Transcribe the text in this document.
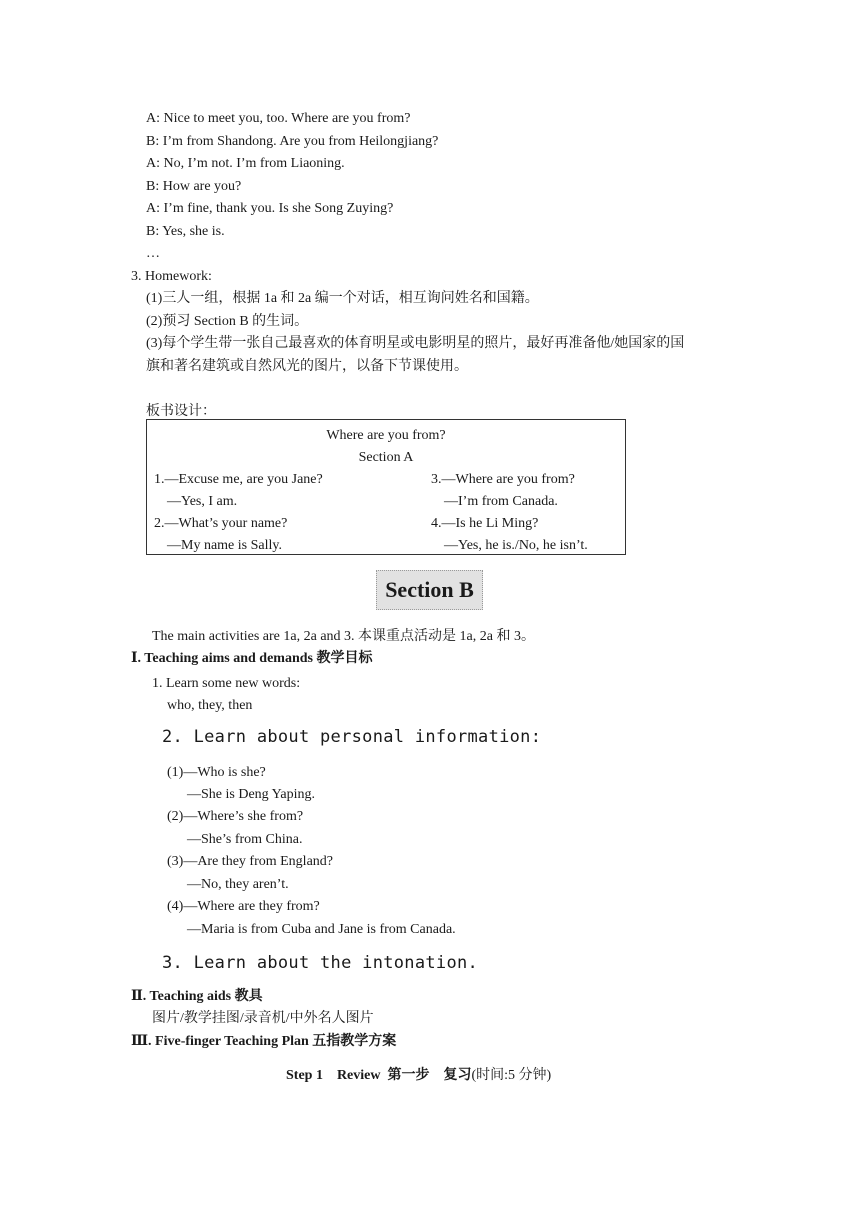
A: Nice to meet you, too. Where are you from?
B: I’m from Shandong. Are you from Heilongjiang?
A: No, I’m not. I’m from Liaoning.
B: How are you?
A: I’m fine, thank you. Is she Song Zuying?
B: Yes, she is.
…
3. Homework:
(1)三人一组，根据 1a 和 2a 编一个对话，相互询问姓名和国籍。
(2)预习 Section B 的生词。
(3)每个学生带一张自己最喜欢的体育明星或电影明星的照片，最好再准备他/她国家的国
旗和著名建筑或自然风光的图片，以备下节课使用。
板书设计：
Where are you from?
Section A
1.—Excuse me, are you Jane?
—Yes, I am.
2.—What’s your name?
—My name is Sally.
3.—Where are you from?
—I’m from Canada.
4.—Is he Li Ming?
—Yes, he is./No, he isn’t.
Section B
The main activities are 1a, 2a and 3. 本课重点活动是 1a, 2a 和 3。
Ⅰ. Teaching aims and demands 教学目标
1. Learn some new words:
who, they, then
2. Learn about personal information:
(1)—Who is she?
—She is Deng Yaping.
(2)—Where’s she from?
—She’s from China.
(3)—Are they from England?
—No, they aren’t.
(4)—Where are they from?
—Maria is from Cuba and Jane is from Canada.
3. Learn about the intonation.
Ⅱ. Teaching aids 教具
图片/教学挂图/录音机/中外名人图片
Ⅲ. Five-finger Teaching Plan 五指教学方案
Step 1    Review  第一步    复习(时间:5 分钟)
